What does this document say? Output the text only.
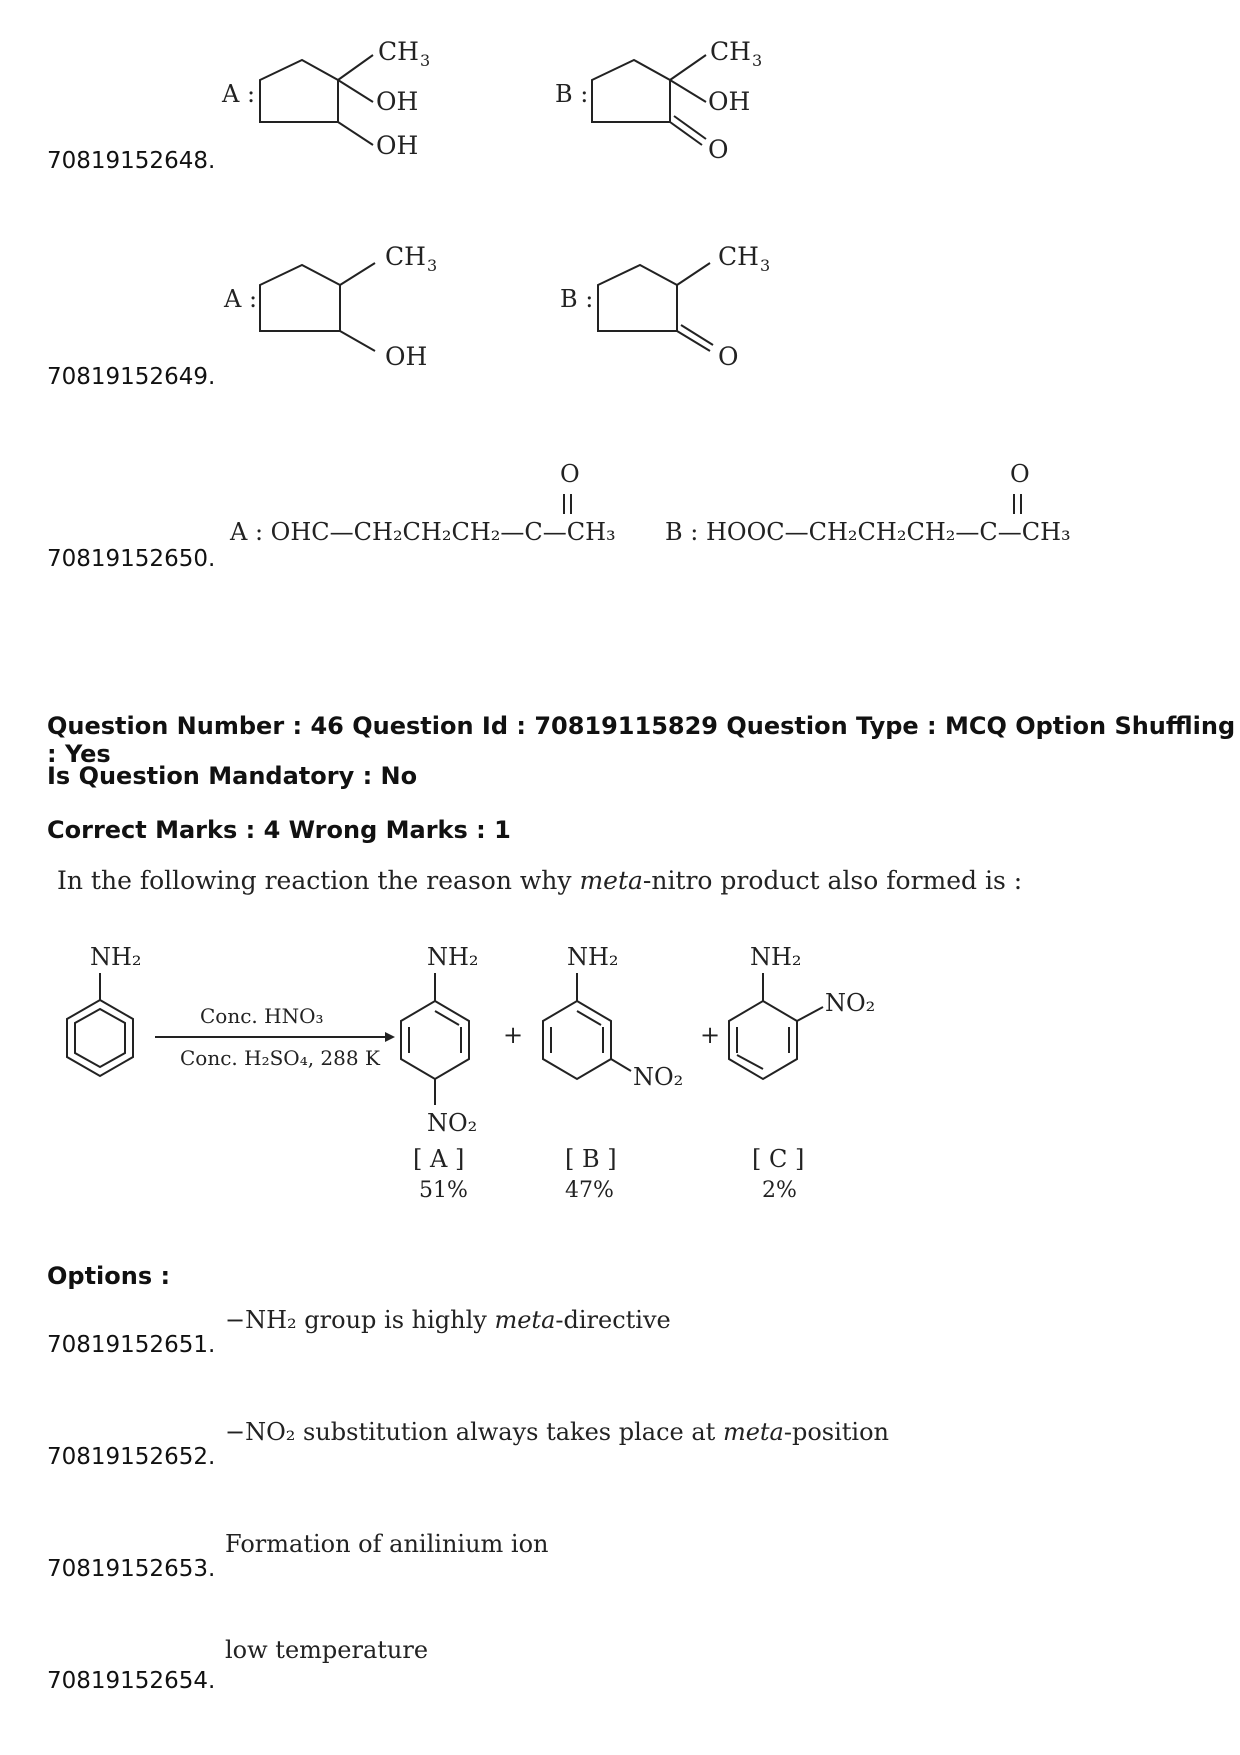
70819152648.
A :
CH 3
OH
OH
B :
CH 3
OH
O
70819152649.
A :
CH 3
OH
B :
CH 3
O
70819152650.
O
A : OHC—CH₂CH₂CH₂—C—CH₃
O
B : HOOC—CH₂CH₂CH₂—C—CH₃
Question Number : 46 Question Id : 70819115829 Question Type : MCQ Option Shuffling : Yes
Is Question Mandatory : No
Correct Marks : 4 Wrong Marks : 1
In the following reaction the reason why meta-nitro product also formed is :
NH₂
Conc. HNO₃
Conc. H₂SO₄, 288 K
NH₂
NO₂
[ A ]
51%
+
NH₂
NO₂
[ B ]
47%
+
NH₂
NO₂
[ C ]
2%
Options :
70819152651.
−NH₂ group is highly meta-directive
70819152652.
−NO₂ substitution always takes place at meta-position
70819152653.
Formation of anilinium ion
70819152654.
low temperature
